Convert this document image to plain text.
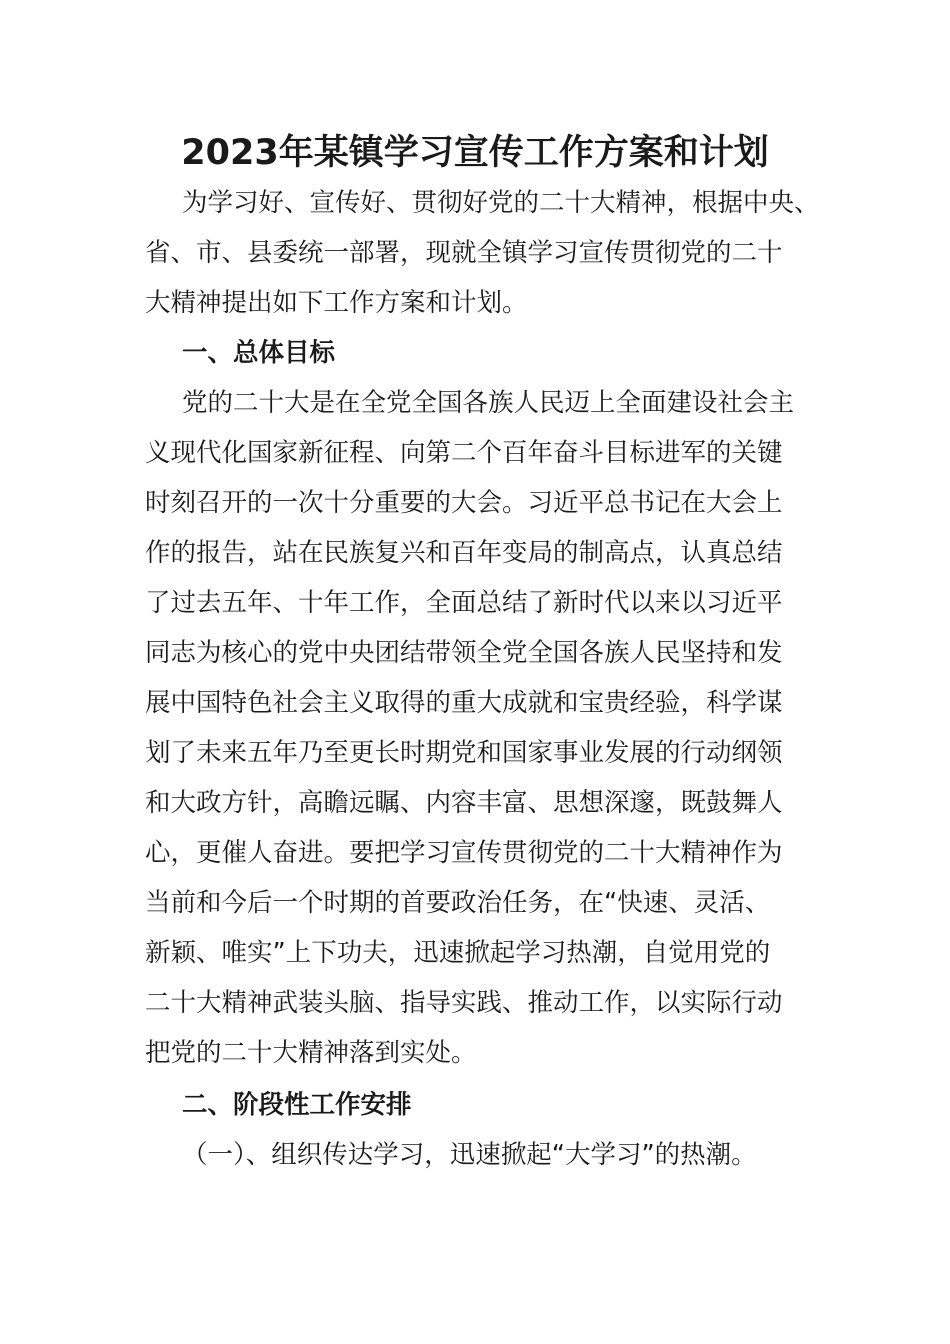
2023年某镇学习宣传工作方案和计划
为学习好、宣传好、贯彻好党的二十大精神，根据中央、
省、市、县委统一部署，现就全镇学习宣传贯彻党的二十
大精神提出如下工作方案和计划。
一、总体目标
党的二十大是在全党全国各族人民迈上全面建设社会主
义现代化国家新征程、向第二个百年奋斗目标进军的关键
时刻召开的一次十分重要的大会。习近平总书记在大会上
作的报告，站在民族复兴和百年变局的制高点，认真总结
了过去五年、十年工作，全面总结了新时代以来以习近平
同志为核心的党中央团结带领全党全国各族人民坚持和发
展中国特色社会主义取得的重大成就和宝贵经验，科学谋
划了未来五年乃至更长时期党和国家事业发展的行动纲领
和大政方针，高瞻远瞩、内容丰富、思想深邃，既鼓舞人
心，更催人奋进。要把学习宣传贯彻党的二十大精神作为
当前和今后一个时期的首要政治任务，在“快速、灵活、
新颖、唯实”上下功夫，迅速掀起学习热潮，自觉用党的
二十大精神武装头脑、指导实践、推动工作，以实际行动
把党的二十大精神落到实处。
二、阶段性工作安排
（一）、组织传达学习，迅速掀起“大学习”的热潮。
